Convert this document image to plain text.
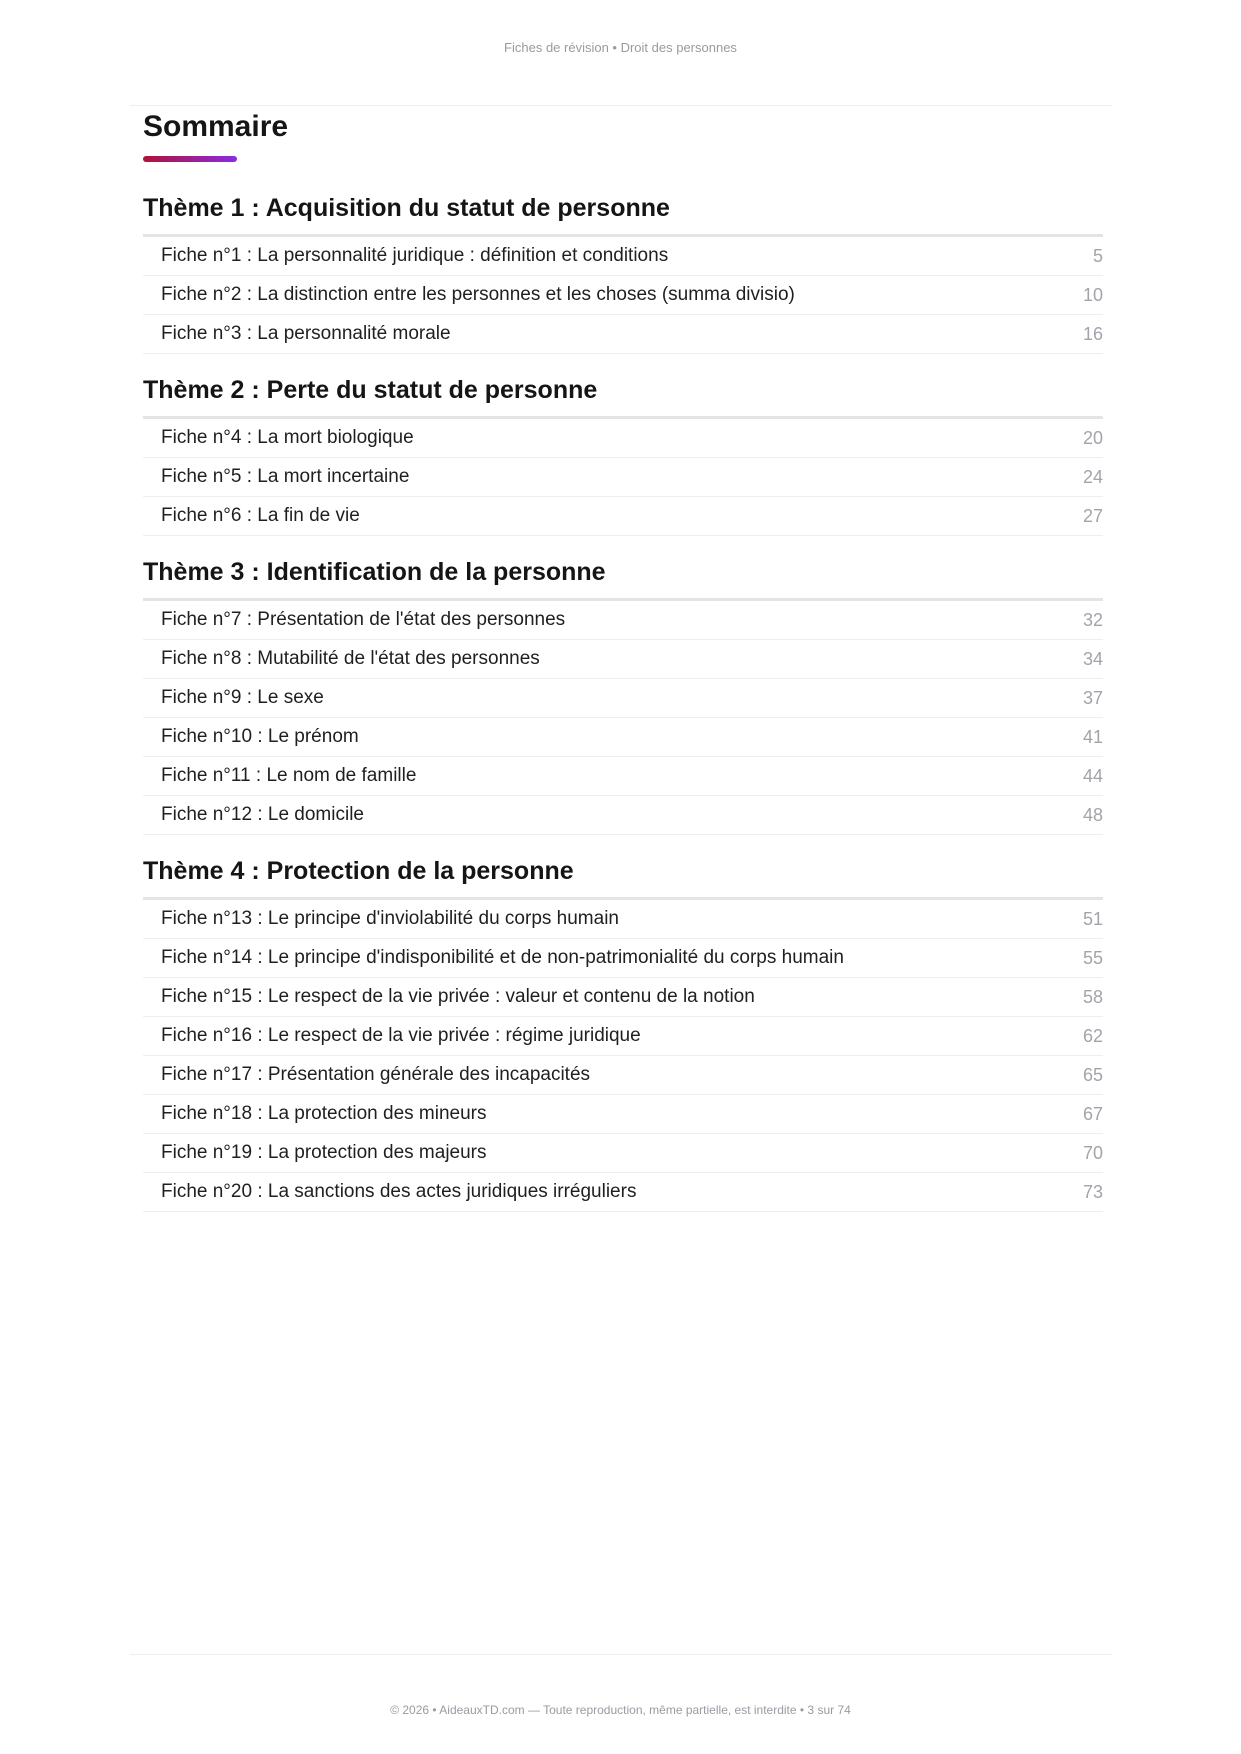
Fiches de révision • Droit des personnes
Sommaire
Thème 1 : Acquisition du statut de personne
Fiche n°1 : La personnalité juridique : définition et conditions	5
Fiche n°2 : La distinction entre les personnes et les choses (summa divisio)	10
Fiche n°3 : La personnalité morale	16
Thème 2 : Perte du statut de personne
Fiche n°4 : La mort biologique	20
Fiche n°5 : La mort incertaine	24
Fiche n°6 : La fin de vie	27
Thème 3 : Identification de la personne
Fiche n°7 : Présentation de l'état des personnes	32
Fiche n°8 : Mutabilité de l'état des personnes	34
Fiche n°9 : Le sexe	37
Fiche n°10 : Le prénom	41
Fiche n°11 : Le nom de famille	44
Fiche n°12 : Le domicile	48
Thème 4 : Protection de la personne
Fiche n°13 : Le principe d'inviolabilité du corps humain	51
Fiche n°14 : Le principe d'indisponibilité et de non-patrimonialité du corps humain	55
Fiche n°15 : Le respect de la vie privée : valeur et contenu de la notion	58
Fiche n°16 : Le respect de la vie privée : régime juridique	62
Fiche n°17 : Présentation générale des incapacités	65
Fiche n°18 : La protection des mineurs	67
Fiche n°19 : La protection des majeurs	70
Fiche n°20 : La sanctions des actes juridiques irréguliers	73
© 2026 • AideauxTD.com — Toute reproduction, même partielle, est interdite • 3 sur 74
